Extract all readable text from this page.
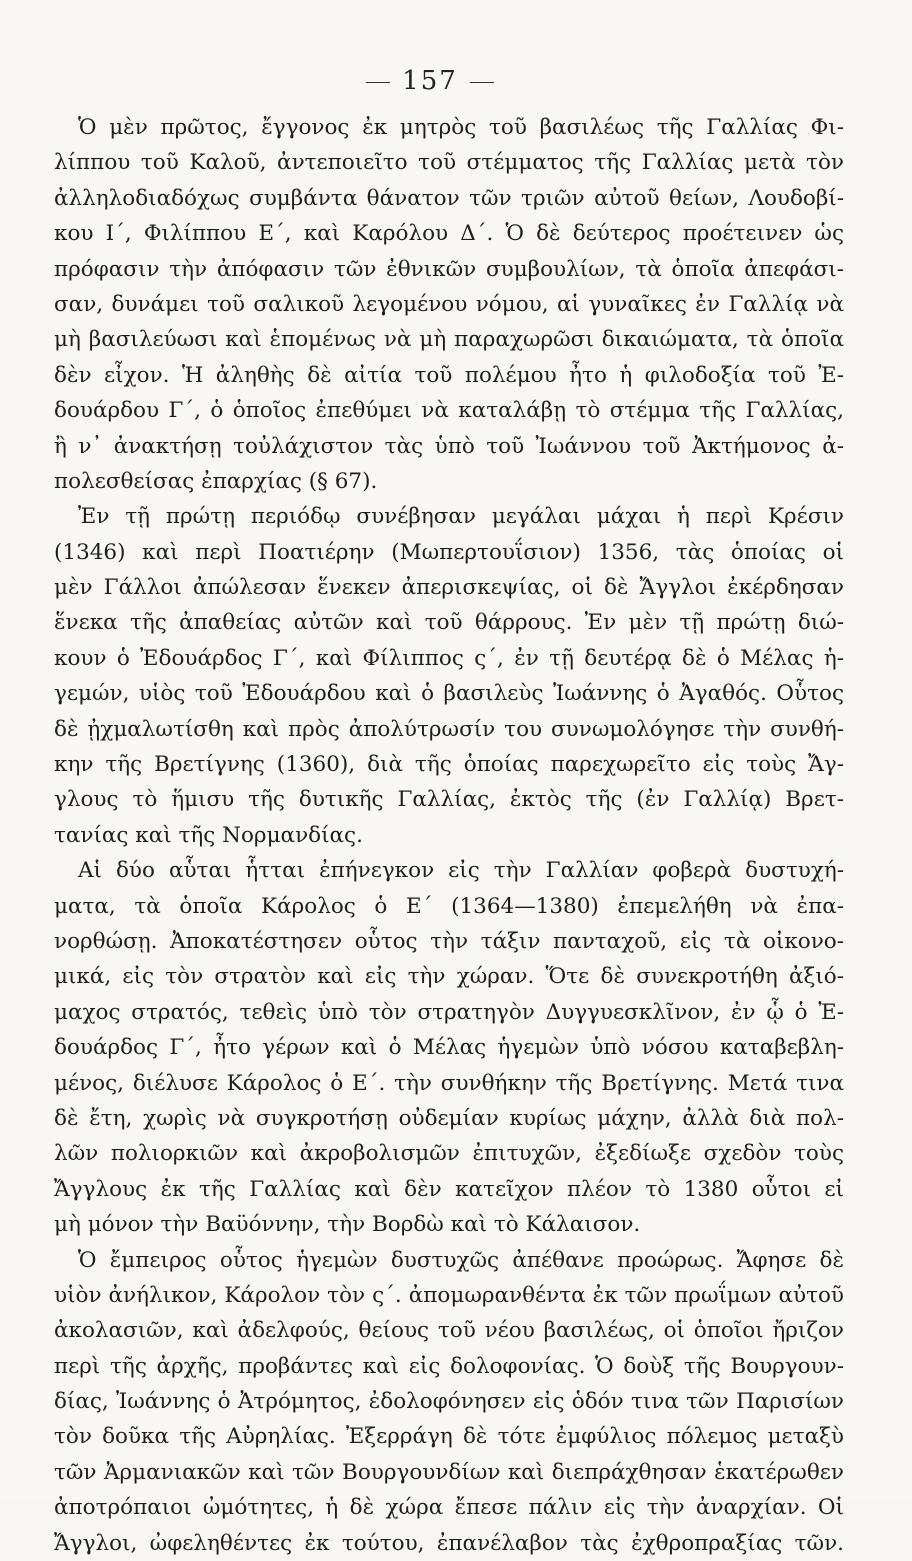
157
Ὁ μὲν πρῶτος, ἔγγονος ἐκ μητρὸς τοῦ βασιλέως τῆς Γαλλίας Φι-
λίππου τοῦ Καλοῦ, ἀντεποιεῖτο τοῦ στέμματος τῆς Γαλλίας μετὰ τὸν
ἀλληλοδιαδόχως συμβάντα θάνατον τῶν τριῶν αὐτοῦ θείων, Λουδοβί-
κου Ι΄, Φιλίππου Ε΄, καὶ Καρόλου Δ΄. Ὁ δὲ δεύτερος προέτεινεν ὡς
πρόφασιν τὴν ἀπόφασιν τῶν ἐθνικῶν συμβουλίων, τὰ ὁποῖα ἀπεφάσι-
σαν, δυνάμει τοῦ σαλικοῦ λεγομένου νόμου, αἱ γυναῖκες ἐν Γαλλίᾳ νὰ
μὴ βασιλεύωσι καὶ ἑπομένως νὰ μὴ παραχωρῶσι δικαιώματα, τὰ ὁποῖα
δὲν εἶχον. Ἡ ἀληθὴς δὲ αἰτία τοῦ πολέμου ἦτο ἡ φιλοδοξία τοῦ Ἐ-
δουάρδου Γ΄, ὁ ὁποῖος ἐπεθύμει νὰ καταλάβῃ τὸ στέμμα τῆς Γαλλίας,
ἢ ν᾿ ἀνακτήσῃ τοὐλάχιστον τὰς ὑπὸ τοῦ Ἰωάννου τοῦ Ἀκτήμονος ἀ-
πολεσθείσας ἐπαρχίας (§ 67).
Ἐν τῇ πρώτῃ περιόδῳ συνέβησαν μεγάλαι μάχαι ἡ περὶ Κρέσιν
(1346) καὶ περὶ Ποατιέρην (Μωπερτουΐσιον) 1356, τὰς ὁποίας οἱ
μὲν Γάλλοι ἀπώλεσαν ἕνεκεν ἀπερισκεψίας, οἱ δὲ Ἄγγλοι ἐκέρδησαν
ἕνεκα τῆς ἀπαθείας αὐτῶν καὶ τοῦ θάρρους. Ἐν μὲν τῇ πρώτῃ διώ-
κουν ὁ Ἐδουάρδος Γ΄, καὶ Φίλιππος ς΄, ἐν τῇ δευτέρᾳ δὲ ὁ Μέλας ἡ-
γεμών, υἱὸς τοῦ Ἐδουάρδου καὶ ὁ βασιλεὺς Ἰωάννης ὁ Ἀγαθός. Οὗτος
δὲ ᾐχμαλωτίσθη καὶ πρὸς ἀπολύτρωσίν του συνωμολόγησε τὴν συνθή-
κην τῆς Βρετίγνης (1360), διὰ τῆς ὁποίας παρεχωρεῖτο εἰς τοὺς Ἄγ-
γλους τὸ ἥμισυ τῆς δυτικῆς Γαλλίας, ἐκτὸς τῆς (ἐν Γαλλίᾳ) Βρετ-
τανίας καὶ τῆς Νορμανδίας.
Αἱ δύο αὗται ἧτται ἐπήνεγκον εἰς τὴν Γαλλίαν φοβερὰ δυστυχή-
ματα, τὰ ὁποῖα Κάρολος ὁ Ε΄ (1364—1380) ἐπεμελήθη νὰ ἐπα-
νορθώσῃ. Ἀποκατέστησεν οὗτος τὴν τάξιν πανταχοῦ, εἰς τὰ οἰκονο-
μικά, εἰς τὸν στρατὸν καὶ εἰς τὴν χώραν. Ὅτε δὲ συνεκροτήθη ἀξιό-
μαχος στρατός, τεθεὶς ὑπὸ τὸν στρατηγὸν Δυγγυεσκλῖνον, ἐν ᾧ ὁ Ἐ-
δουάρδος Γ΄, ἦτο γέρων καὶ ὁ Μέλας ἡγεμὼν ὑπὸ νόσου καταβεβλη-
μένος, διέλυσε Κάρολος ὁ Ε΄. τὴν συνθήκην τῆς Βρετίγνης. Μετά τινα
δὲ ἔτη, χωρὶς νὰ συγκροτήσῃ οὐδεμίαν κυρίως μάχην, ἀλλὰ διὰ πολ-
λῶν πολιορκιῶν καὶ ἀκροβολισμῶν ἐπιτυχῶν, ἐξεδίωξε σχεδὸν τοὺς
Ἄγγλους ἐκ τῆς Γαλλίας καὶ δὲν κατεῖχον πλέον τὸ 1380 οὗτοι εἰ
μὴ μόνον τὴν Βαϋόννην, τὴν Βορδὼ καὶ τὸ Κάλαισον.
Ὁ ἔμπειρος οὗτος ἡγεμὼν δυστυχῶς ἀπέθανε προώρως. Ἄφησε δὲ
υἱὸν ἀνήλικον, Κάρολον τὸν ς΄. ἀπομωρανθέντα ἐκ τῶν πρωΐμων αὐτοῦ
ἀκολασιῶν, καὶ ἀδελφούς, θείους τοῦ νέου βασιλέως, οἱ ὁποῖοι ἤριζον
περὶ τῆς ἀρχῆς, προβάντες καὶ εἰς δολοφονίας. Ὁ δοὺξ τῆς Βουργουν-
δίας, Ἰωάννης ὁ Ἀτρόμητος, ἐδολοφόνησεν εἰς ὁδόν τινα τῶν Παρισίων
τὸν δοῦκα τῆς Αὐρηλίας. Ἐξερράγη δὲ τότε ἐμφύλιος πόλεμος μεταξὺ
τῶν Ἀρμανιακῶν καὶ τῶν Βουργουνδίων καὶ διεπράχθησαν ἑκατέρωθεν
ἀποτρόπαιοι ὠμότητες, ἡ δὲ χώρα ἔπεσε πάλιν εἰς τὴν ἀναρχίαν. Οἱ
Ἄγγλοι, ὠφεληθέντες ἐκ τούτου, ἐπανέλαβον τὰς ἐχθροπραξίας τῶν.
